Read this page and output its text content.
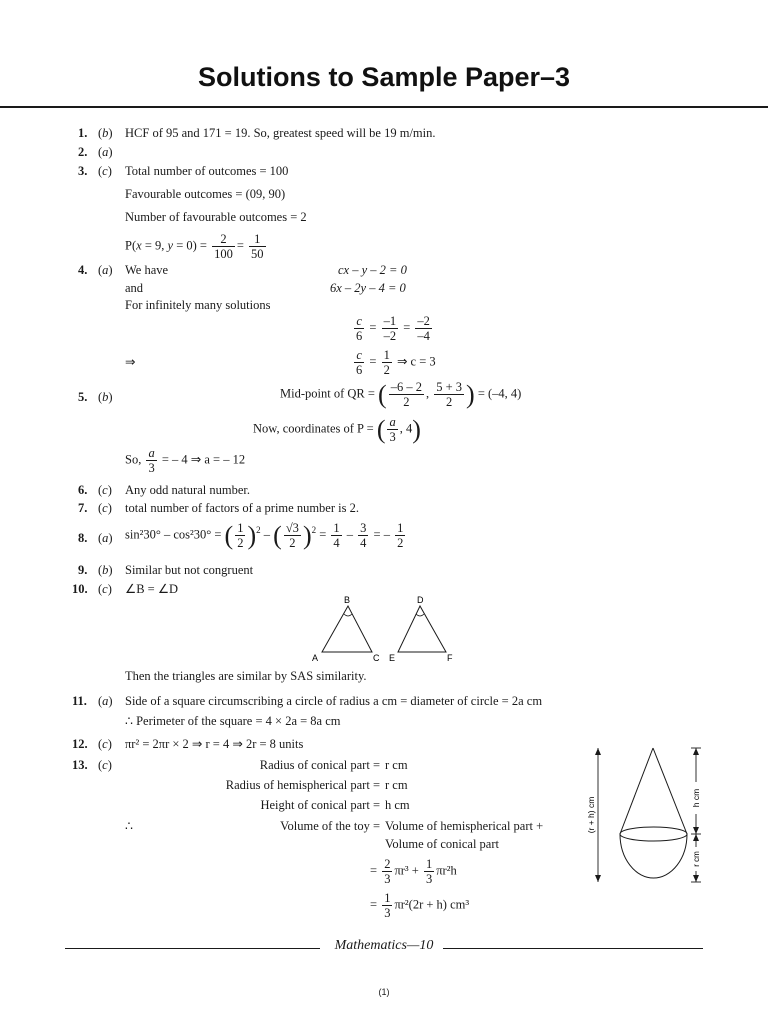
Solutions to Sample Paper–3
1. (b) HCF of 95 and 171 = 19. So, greatest speed will be 19 m/min.
2. (a)
3. (c) Total number of outcomes = 100
Favourable outcomes = (09, 90)
Number of favourable outcomes = 2
P(x = 9, $y = 0) = \frac{2}{100} = \frac{1}{50}$
4. (a) We have
and
For infinitely many solutions
cx – y – 2 = 0
6x – 2y – 4 = 0
$\frac{c}{6} = \frac{-1}{-2} = \frac{-2}{-4}$
⇒	$\frac{c}{6} = \frac{1}{2}$ ⇒ c = 3
5. (b)	Mid-point of QR = ( $\frac{-6 - 2}{2}$ , $\frac{5 + 3}{2}$ ) = (–4, 4)
Now, coordinates of P = ( $\frac{a}{3}$ , 4)
So, $\frac{a}{3}$ = – 4 ⇒ a = – 12
6. (c) Any odd natural number.
7. (c) total number of factors of a prime number is 2.
8. (a) sin²30° – cos²30° = ( $\frac{1}{2} )^2$ – ( $\frac{√3}{2} )^2 = \frac{1}{4} - \frac{3}{4}$ = – $\frac{1}{2}$
9. (b) Similar but not congruent
10. (c) ∠B = ∠D
B	D
A	C E	F
Then the triangles are similar by SAS similarity.
11. (a) Side of a square circumscribing a circle of radius a cm = diameter of circle = 2a cm
∴ Perimeter of the square = 4 × 2a = 8a cm
12. (c) πr² = 2πr × 2 ⇒ r = 4 ⇒ 2r = 8 units
13. (c)	Radius of conical part = r cm
Radius of hemispherical part = r cm
Height of conical part = h cm
∴	Volume of the toy = Volume of hemispherical part +
Volume of conical part
= $\frac{2}{3} \pi r^3 + \frac{1}{3} \pi r^2h$
= $\frac{1}{3} \pi r^2(2r + h)$ cm³
(r + h) cm	h cm
r cm
Mathematics—10
(1)
